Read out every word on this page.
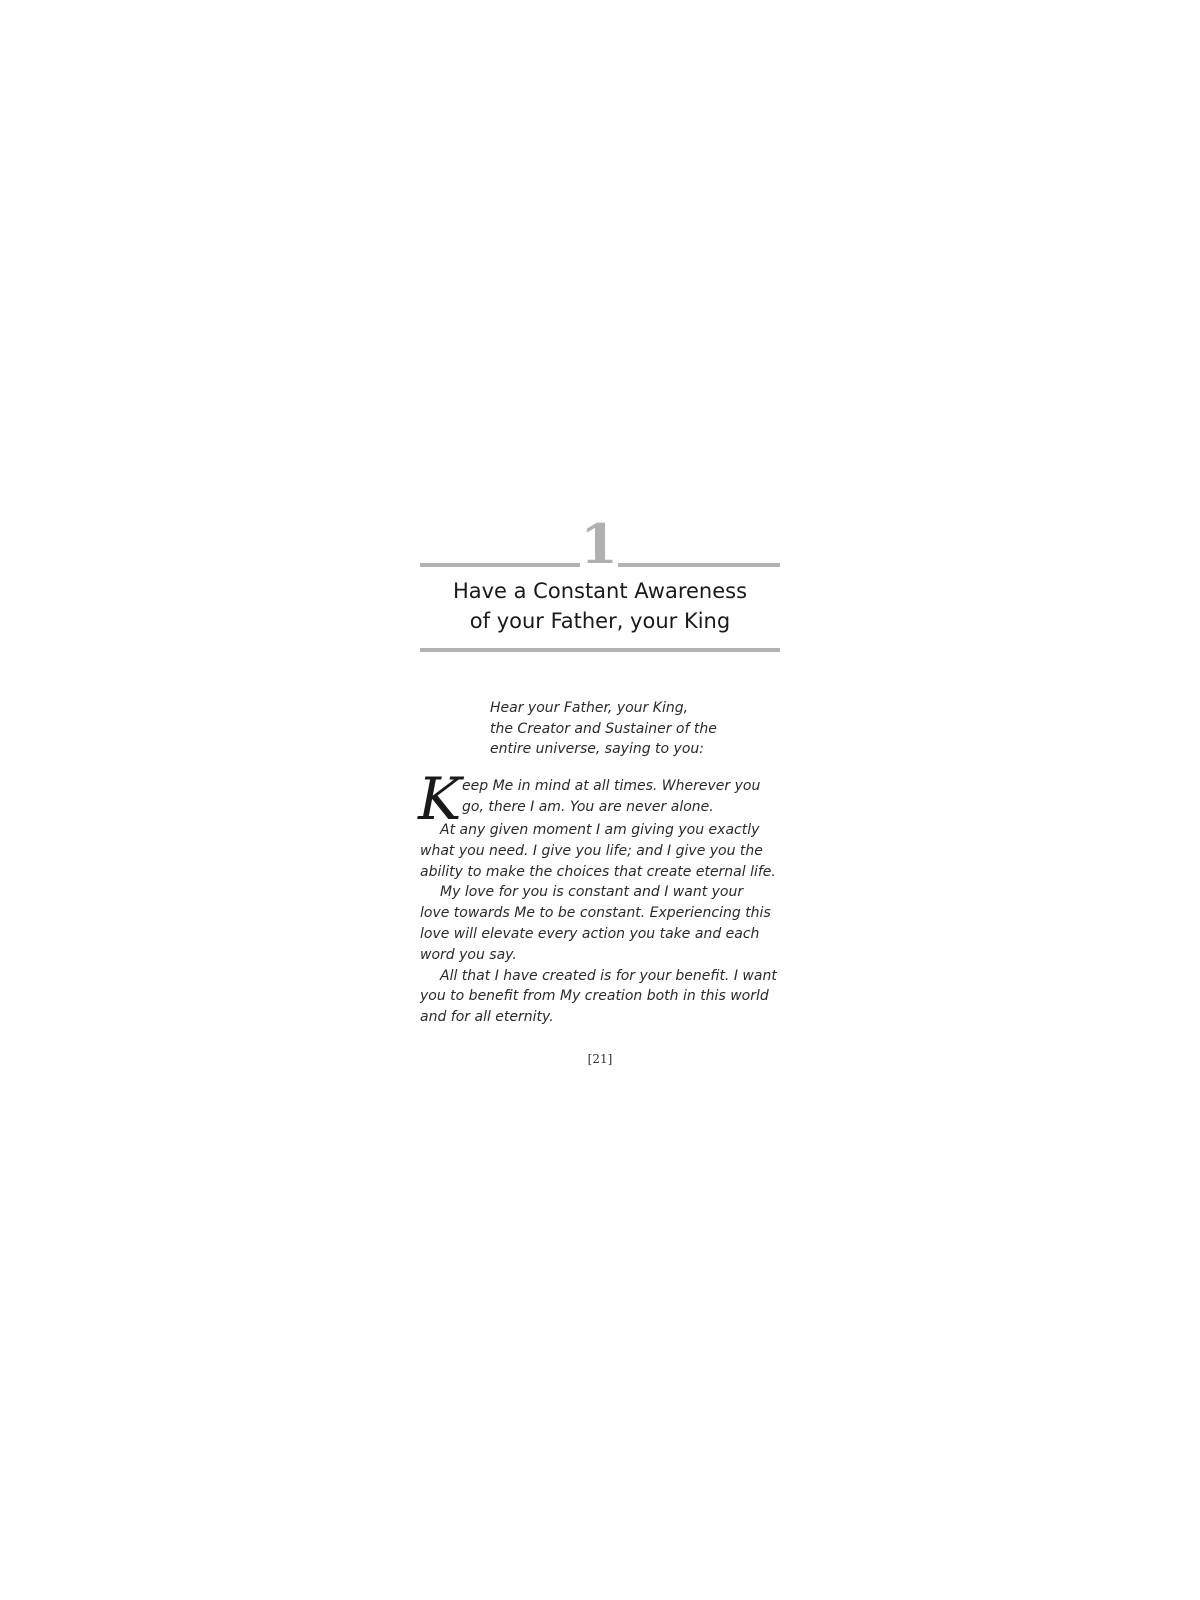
1
Have a Constant Awareness
of your Father, your King
Hear your Father, your King,
the Creator and Sustainer of the
entire universe, saying to you:
K eep Me in mind at all times. Wherever you
go, there I am. You are never alone.
At any given moment I am giving you exactly
what you need. I give you life; and I give you the
ability to make the choices that create eternal life.
My love for you is constant and I want your
love towards Me to be constant. Experiencing this
love will elevate every action you take and each
word you say.
All that I have created is for your benefit. I want
you to benefit from My creation both in this world
and for all eternity.
[21]
